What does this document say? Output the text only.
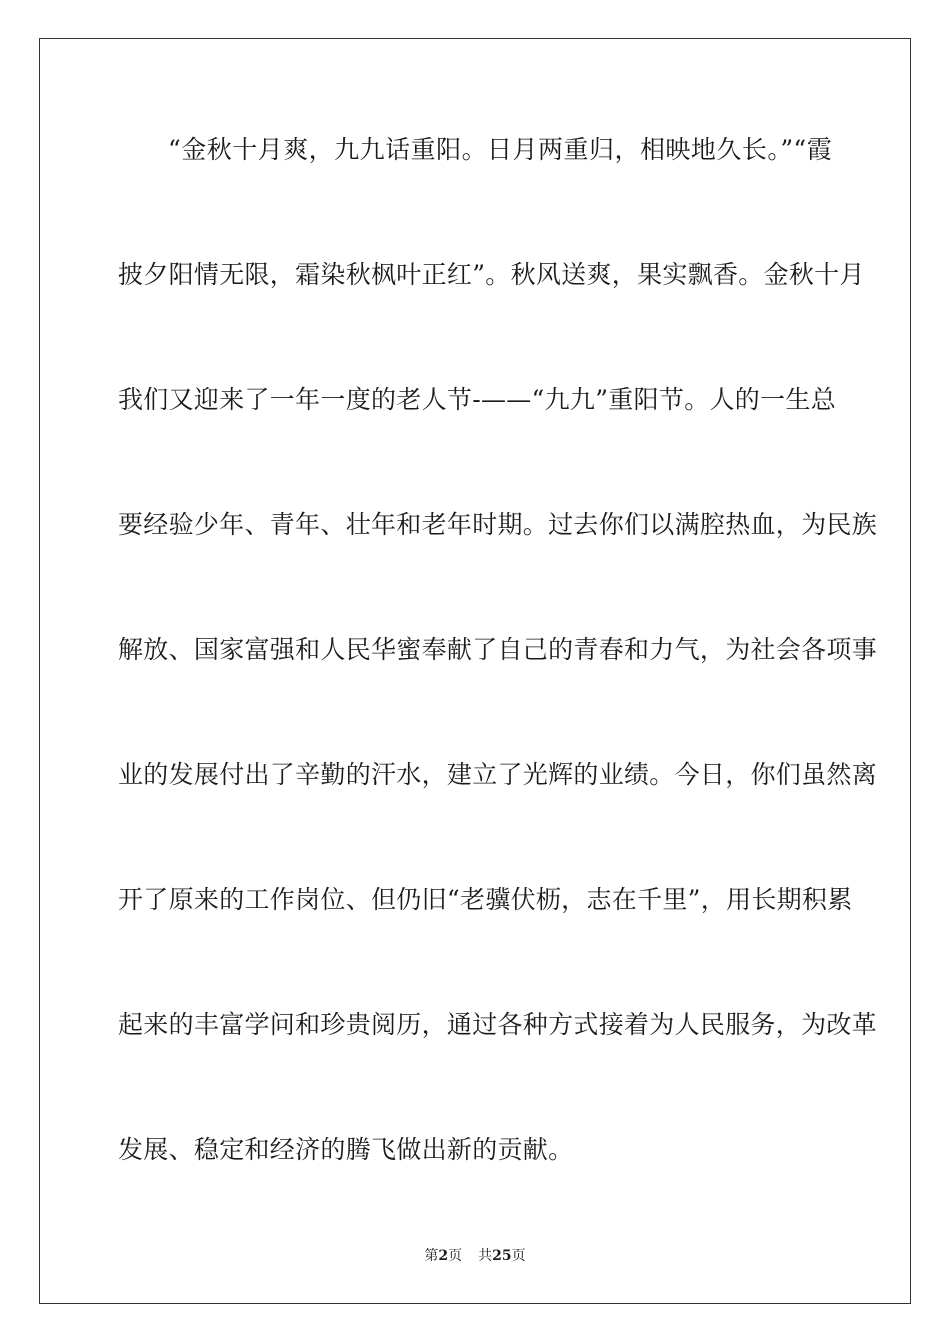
“金秋十月爽，九九话重阳。日月两重归，相映地久长。”“霞
披夕阳情无限，霜染秋枫叶正红”。秋风送爽，果实飘香。金秋十月
我们又迎来了一年一度的老人节-——“九九”重阳节。人的一生总
要经验少年、青年、壮年和老年时期。过去你们以满腔热血，为民族
解放、国家富强和人民华蜜奉献了自己的青春和力气，为社会各项事
业的发展付出了辛勤的汗水，建立了光辉的业绩。今日，你们虽然离
开了原来的工作岗位、但仍旧“老骥伏枥，志在千里”，用长期积累
起来的丰富学问和珍贵阅历，通过各种方式接着为人民服务，为改革
发展、稳定和经济的腾飞做出新的贡献。
第2页 共25页
